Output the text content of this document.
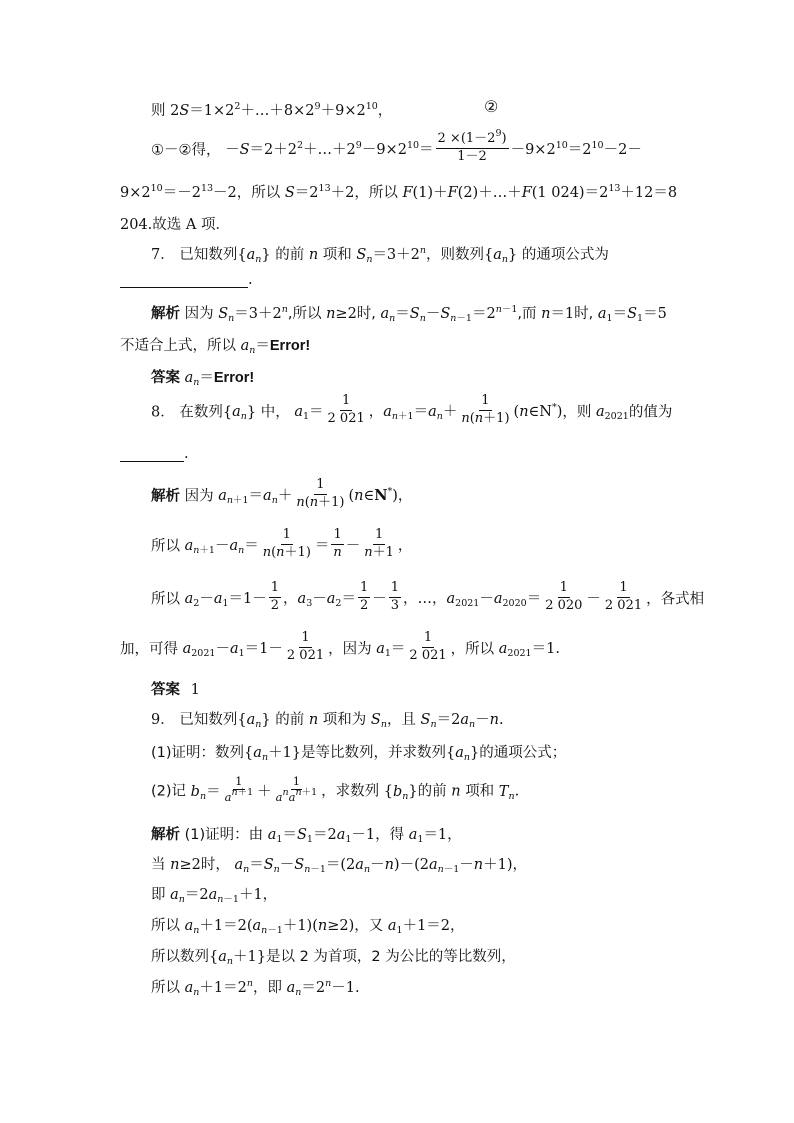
则 $2S=1\times 2^2+\dots+8\times 2^9+9\times 2^{10}$，	②
①－②得， $-S=2+2^2+\dots+2^9-9\times 2^{10}= \frac{2 \times(1-2^9)}{1-2} -9\times 2^{10}=2^{10}-2-$
$9\times 2^{10}=-2^{13}-2$，所以 $S=2^{13}+2$，所以 F(1)＋F(2)＋…＋F(1 $024)=2^{13}+12=8$
204.故选 A 项．
7． 已知数列$\{a_n\}$ 的前 n 项和 $S_n=3+2^n$，则数列$\{a_n\}$ 的通项公式为
.
解析 因为 $S_n=3+2^n$,所以 n≥2时, $a_n=S_n-S_{n-1}=2^{n-1}$,而 n＝1时, $a_1=S_1=5$
不适合上式，所以 $a_n=Error$!
答案 $a_n=Error$!
8． 在数列$\{a_n\}$ 中， $a_1= \frac{1}{2 021}$ ，$a_{n+1}=a_n+ \frac{1}{n(n+1)}$ (n∈N*)，则 $a_{2021}$的值为
.
解析 因为 $a_{n+1}=a_n+ \frac{1}{n(n+1)}$ (n∈N*)，
所以 $a_{n+1}-a_n= \frac{1}{n(n+1)} = \frac{1}{n} - \frac{1}{n+1}$ ，
所以 $a_2-a_1=1- \frac{1}{2}$ ，$a_3-a_2= \frac{1}{2} - \frac{1}{3}$ ，…，$a_{2021}-a_{2020}= \frac{1}{2 020} - \frac{1}{2 021}$ ，各式相
加，可得 $a_{2021}-a_1=1- \frac{1}{2 021}$ ，因为 $a_1= \frac{1}{2 021}$ ，所以 $a_{2021}=1$.
答案 1
9． 已知数列$\{a_n\}$ 的前 n 项和为 $S_n$，且 $S_n=2a_n-n$.
(1)证明：数列$\{a_n+1\}$是等比数列，并求数列$\{a_n\}$的通项公式；
(2)记 $b_n= \frac{1}{a^{n+1}} + \frac{1}{a^na^{n+1}}$ ，求数列 $\{b_n\}$的前 n 项和 $T_n$.
解析 (1)证明：由 $a_1=S_1=2a_1-1$，得 $a_1=1$，
当 n≥2时， $a_n=S_n-S_{n-1}=(2a_n-n)-(2a_{n-1}-n+1)$，
即 $a_n=2a_{n-1}+1$，
所以 $a_n+1=2(a_{n-1}+1)(n\ge 2)$，又 $a_1+1=2$，
所以数列$\{a_n+1\}$是以 2 为首项，2 为公比的等比数列，
所以 $a_n+1=2^n$，即 $a_n=2^n-1$.
